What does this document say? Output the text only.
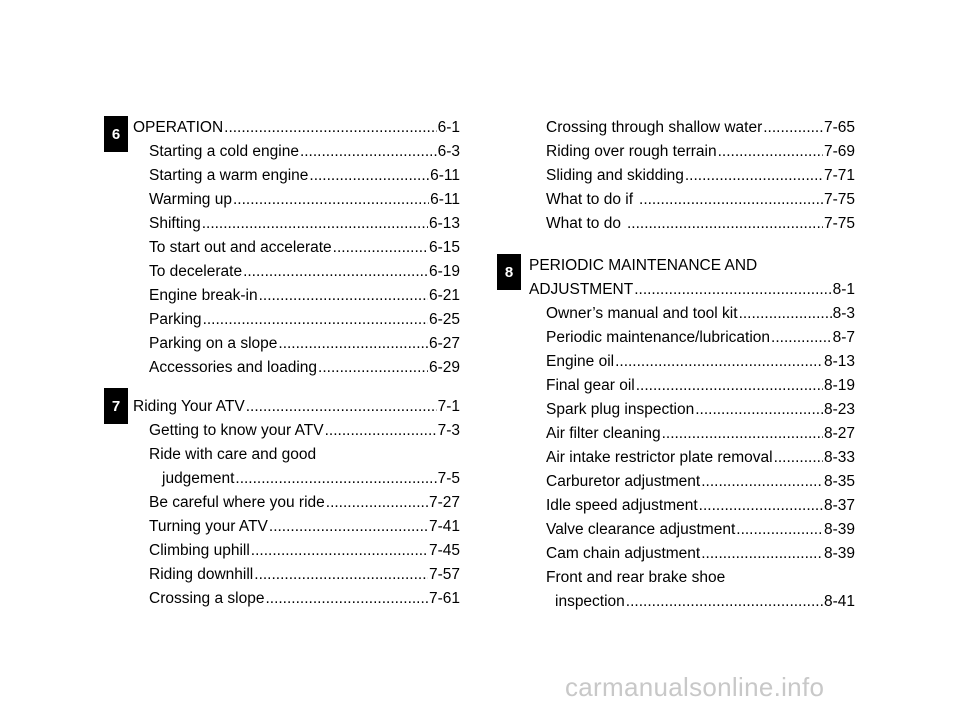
6
7
8
OPERATION .....	6-1
Starting a cold engine .....	6-3
Starting a warm engine .....	6-11
Warming up .....	6-11
Shifting .....	6-13
To start out and accelerate .....	6-15
To decelerate .....	6-19
Engine break-in .....	6-21
Parking .....	6-25
Parking on a slope .....	6-27
Accessories and loading .....	6-29
Riding Your ATV .....	7-1
Getting to know your ATV .....	7-3
Ride with care and good
judgement .....	7-5
Be careful where you ride .....	7-27
Turning your ATV .....	7-41
Climbing uphill .....	7-45
Riding downhill .....	7-57
Crossing a slope .....	7-61
Crossing through shallow water .....	7-65
Riding over rough terrain .....	7-69
Sliding and skidding .....	7-71
What to do if .....	7-75
What to do .....	7-75
PERIODIC MAINTENANCE AND
ADJUSTMENT .....	8-1
Owner’s manual and tool kit .....	8-3
Periodic maintenance/lubrication .....	8-7
Engine oil .....	8-13
Final gear oil .....	8-19
Spark plug inspection .....	8-23
Air filter cleaning .....	8-27
Air intake restrictor plate removal .....	8-33
Carburetor adjustment .....	8-35
Idle speed adjustment .....	8-37
Valve clearance adjustment .....	8-39
Cam chain adjustment .....	8-39
Front and rear brake shoe
inspection .....	8-41
carmanualsonline.info
